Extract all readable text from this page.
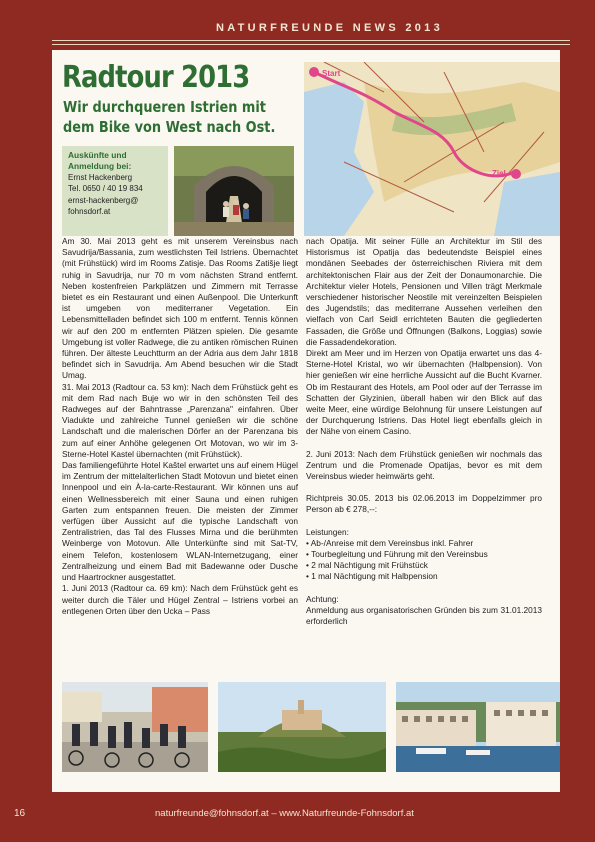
NATURFREUNDE NEWS 2013
Radtour 2013
Wir durchqueren Istrien mit
dem Bike von West nach Ost.
Auskünfte und
Anmeldung bei:
Ernst Hackenberg
Tel. 0650 / 40 19 834
ernst-hackenberg@
fohnsdorf.at
Start
Ziel

Am 30. Mai 2013 geht es mit unserem Vereinsbus nach Savudrija/Bassania, zum westlichsten Teil Istriens. Übernachtet (mit Frühstück) wird im Rooms Zatisje. Das Rooms Zatišje liegt ruhig in Savudrija, nur 70 m vom nächsten Strand entfernt. Neben kostenfreien Parkplätzen und Zimmern mit Terrasse bietet es ein Restaurant und einen Außenpool. Die Unterkunft ist umgeben von mediterraner Vegetation. Ein Lebensmittelladen befindet sich 100 m entfernt. Tennis können wir auf den 200 m entfernten Plätzen spielen. Die gesamte Umgebung ist voller Radwege, die zu antiken römischen Ruinen führen. Der älteste Leuchtturm an der Adria aus dem Jahr 1818 befindet sich in Savudrija. Am Abend besuchen wir die Stadt Umag.

31. Mai 2013 (Radtour ca. 53 km): Nach dem Frühstück geht es mit dem Rad nach Buje wo wir in den schönsten Teil des Radweges auf der Bahntrasse „Parenzana" einfahren. Über Viadukte und zahlreiche Tunnel genießen wir die schöne Landschaft und die malerischen Dörfer an der Parenzana bis zum auf einer Anhöhe gelegenen Ort Motovan, wo wir im 3- Sterne-Hotel Kastel übernachten (mit Frühstück).

Das familiengeführte Hotel Kaštel erwartet uns auf einem Hügel im Zentrum der mittelalterlichen Stadt Motovun und bietet einen Innenpool und ein À-la-carte-Restaurant. Wir können uns auf einen Wellnessbereich mit einer Sauna und einen ruhigen Garten zum entspannen freuen. Die meisten der Zimmer verfügen über Aussicht auf die typische Landschaft von Zentralistrien, das Tal des Flusses Mirna und die berühmten Weinberge von Motovun. Alle Unterkünfte sind mit Sat-TV, einem Telefon, kostenlosem WLAN-Internetzugang, einer Zentralheizung und einem Bad mit Badewanne oder Dusche und Haartrockner ausgestattet.

1. Juni 2013 (Radtour ca. 69 km): Nach dem Frühstück geht es weiter durch die Täler und Hügel Zentral – Istriens vorbei an entlegenen Orten über den Ucka – Pass

nach Opatija. Mit seiner Fülle an Architektur im Stil des Historismus ist Opatija das bedeutendste Beispiel eines mondänen Seebades der österreichischen Riviera mit dem architektonischen Flair aus der Zeit der Donaumonarchie. Die Architektur vieler Hotels, Pensionen und Villen trägt Merkmale verschiedener historischer Neostile mit vereinzelten Beispielen des Jugendstils; das mediterrane Aussehen verleihen den vielfach von Carl Seidl errichteten Bauten die gegliederten Fassaden, die Größe und Öffnungen (Balkons, Loggias) sowie die Fassadendekoration.

Direkt am Meer und im Herzen von Opatija erwartet uns das 4-Sterne-Hotel Kristal, wo wir übernachten (Halbpension). Von hier genießen wir eine herrliche Aussicht auf die Bucht Kvarner. Ob im Restaurant des Hotels, am Pool oder auf der Terrasse im Schatten der Glyzinien, überall haben wir den Blick auf das weite Meer, eine würdige Belohnung für unsere Leistungen auf der Durchquerung Istriens. Das Hotel liegt ebenfalls gleich in der Nähe von einem Casino.

2. Juni 2013: Nach dem Frühstück genießen wir nochmals das Zentrum und die Promenade Opatijas, bevor es mit dem Vereinsbus wieder heimwärts geht.

Richtpreis 30.05. 2013 bis 02.06.2013 im Doppelzimmer pro Person ab € 278,--:

Leistungen:

• Ab-/Anreise mit dem Vereinsbus inkl. Fahrer
• Tourbegleitung und Führung mit den Vereinsbus
• 2 mal Nächtigung mit Frühstück
• 1 mal Nächtigung mit Halbpension

Achtung:

Anmeldung aus organisatorischen Gründen bis zum 31.01.2013 erforderlich

16	naturfreunde@fohnsdorf.at – www.Naturfreunde-Fohnsdorf.at
